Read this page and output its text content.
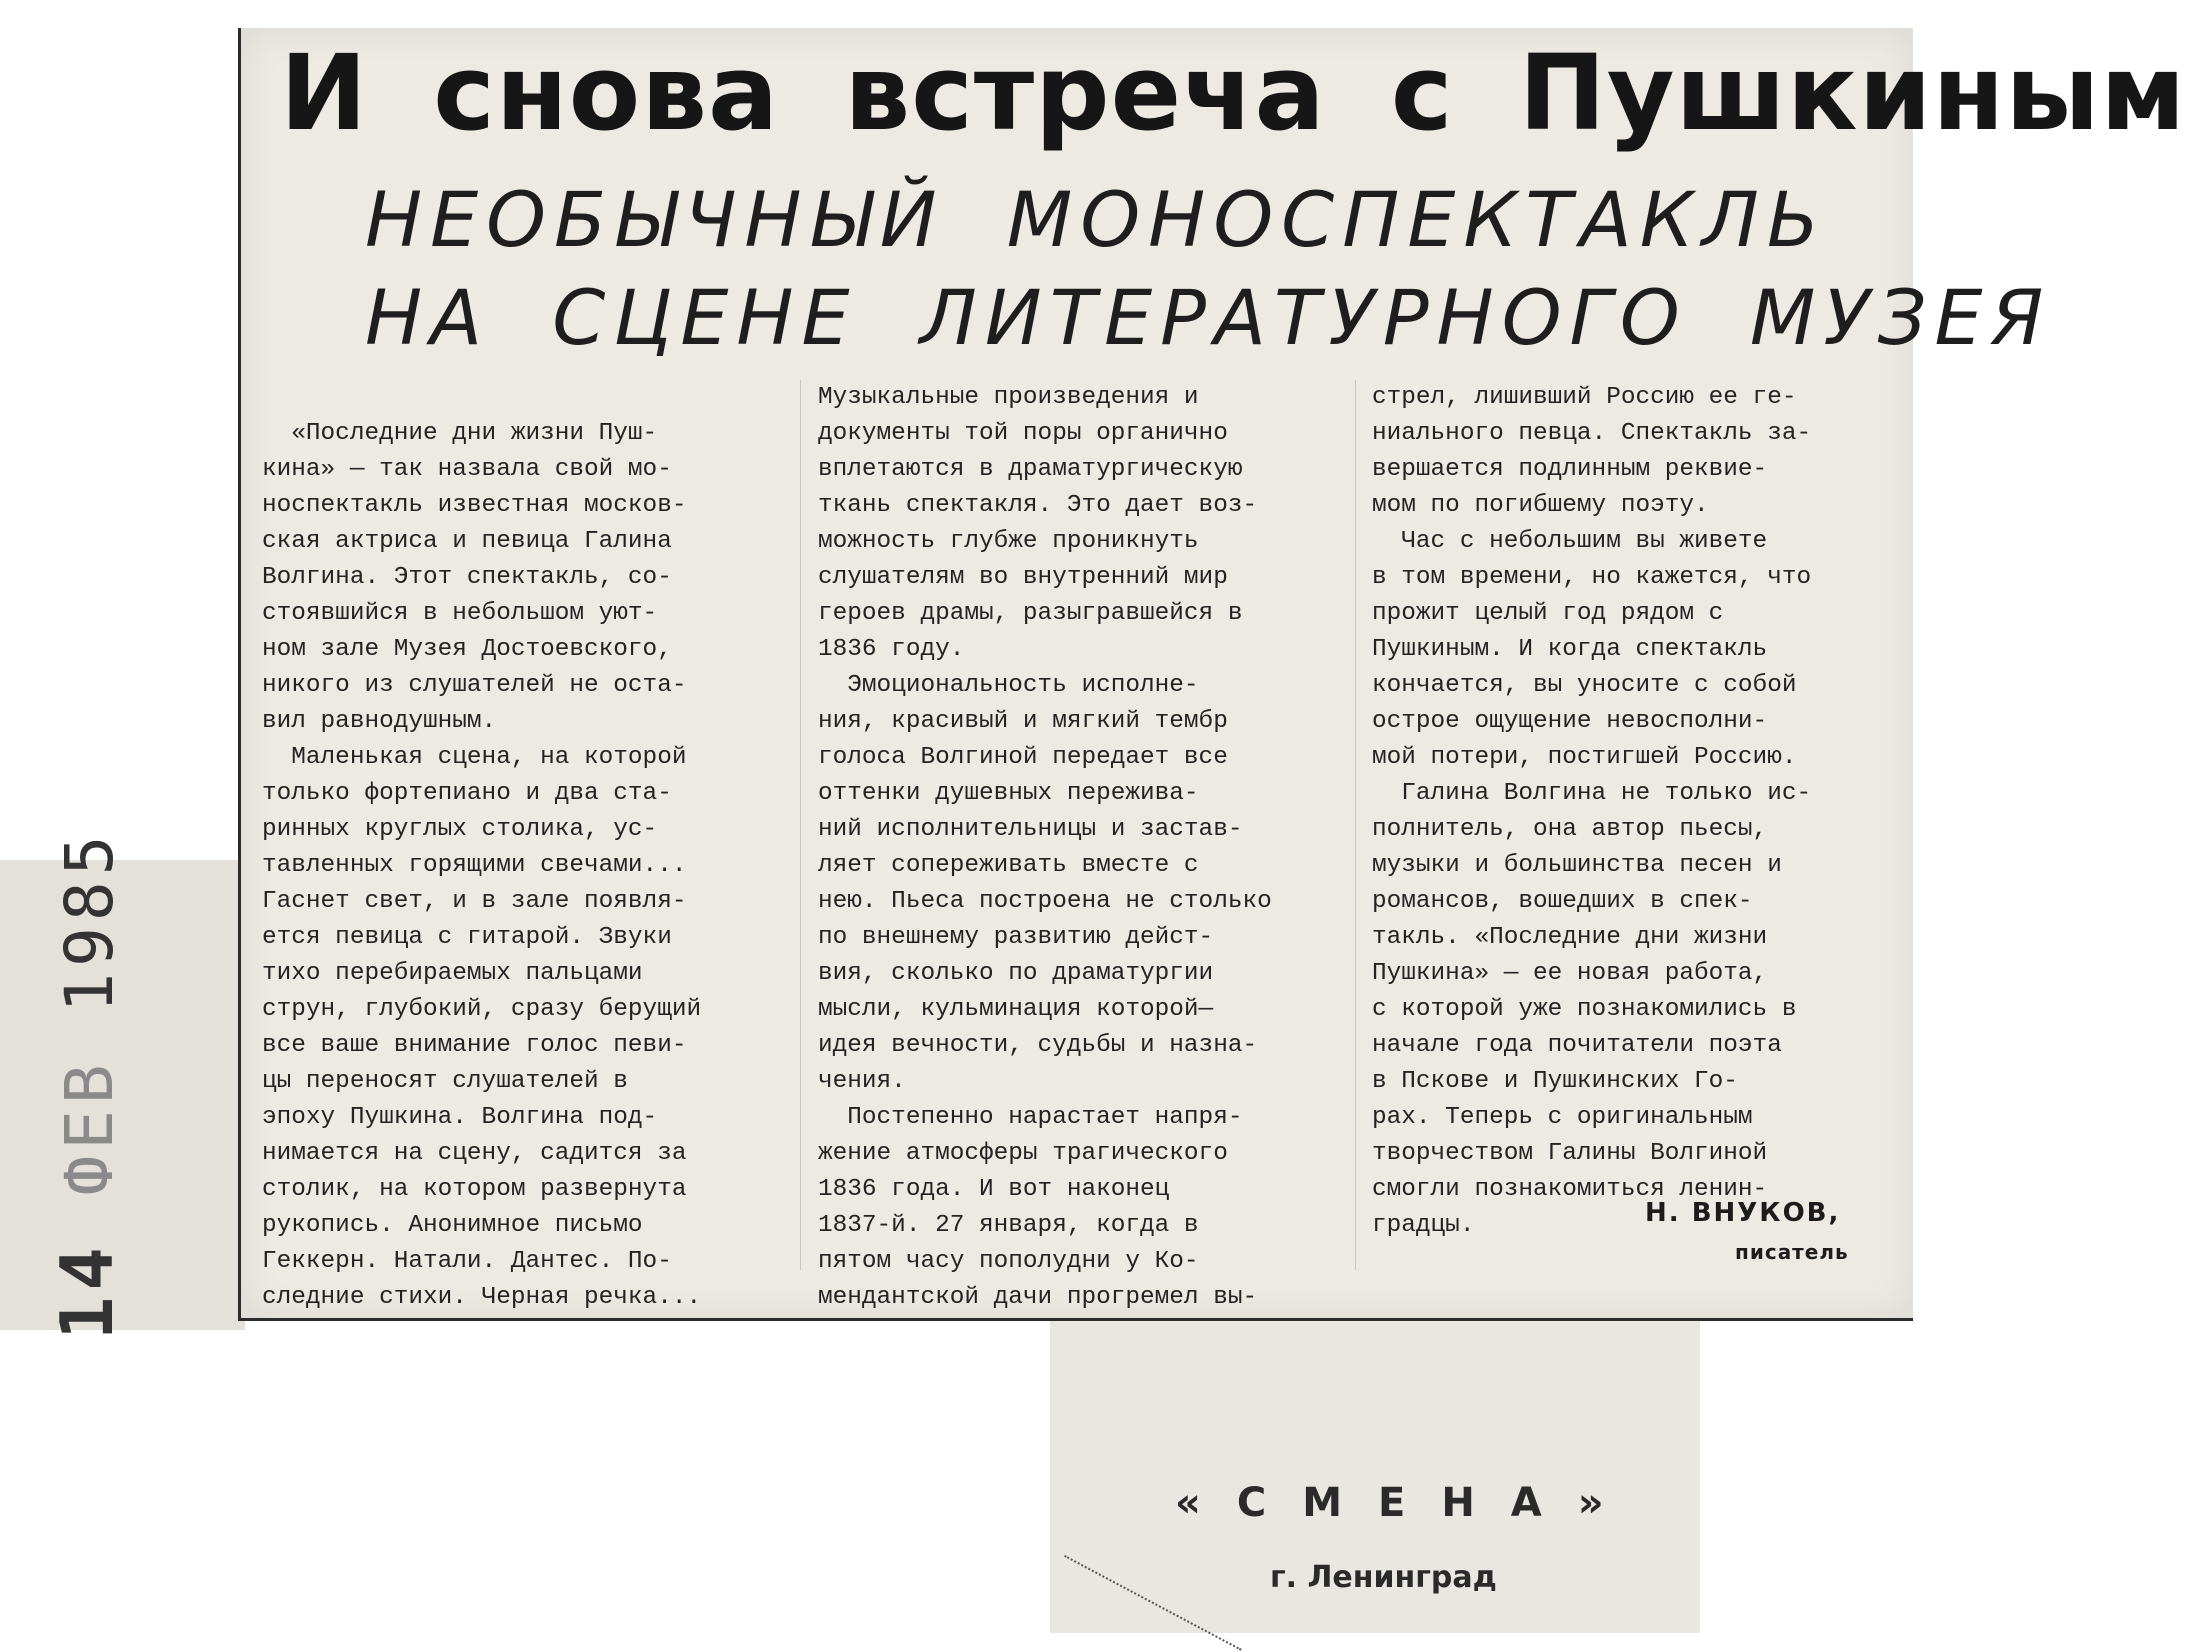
И снова встреча с Пушкиным
НЕОБЫЧНЫЙ МОНОСПЕКТАКЛЬ
НА СЦЕНЕ ЛИТЕРАТУРНОГО МУЗЕЯ
«Последние дни жизни Пуш-
кина» — так назвала свой мо-
носпектакль известная москов-
ская актриса и певица Галина
Волгина. Этот спектакль, со-
стоявшийся в небольшом уют-
ном зале Музея Достоевского,
никого из слушателей не оста-
вил равнодушным.
Маленькая сцена, на которой
только фортепиано и два ста-
ринных круглых столика, ус-
тавленных горящими свечами...
Гаснет свет, и в зале появля-
ется певица с гитарой. Звуки
тихо перебираемых пальцами
струн, глубокий, сразу берущий
все ваше внимание голос певи-
цы переносят слушателей в
эпоху Пушкина. Волгина под-
нимается на сцену, садится за
столик, на котором развернута
рукопись. Анонимное письмо
Геккерн. Натали. Дантес. По-
следние стихи. Черная речка...
Музыкальные произведения и
документы той поры органично
вплетаются в драматургическую
ткань спектакля. Это дает воз-
можность глубже проникнуть
слушателям во внутренний мир
героев драмы, разыгравшейся в
1836 году.
Эмоциональность исполне-
ния, красивый и мягкий тембр
голоса Волгиной передает все
оттенки душевных пережива-
ний исполнительницы и застав-
ляет сопереживать вместе с
нею. Пьеса построена не столько
по внешнему развитию дейст-
вия, сколько по драматургии
мысли, кульминация которой—
идея вечности, судьбы и назна-
чения.
Постепенно нарастает напря-
жение атмосферы трагического
1836 года. И вот наконец
1837-й. 27 января, когда в
пятом часу пополудни у Ко-
мендантской дачи прогремел вы-
стрел, лишивший Россию ее ге-
ниального певца. Спектакль за-
вершается подлинным реквие-
мом по погибшему поэту.
Час с небольшим вы живете
в том времени, но кажется, что
прожит целый год рядом с
Пушкиным. И когда спектакль
кончается, вы уносите с собой
острое ощущение невосполни-
мой потери, постигшей Россию.
Галина Волгина не только ис-
полнитель, она автор пьесы,
музыки и большинства песен и
романсов, вошедших в спек-
такль. «Последние дни жизни
Пушкина» — ее новая работа,
с которой уже познакомились в
начале года почитатели поэта
в Пскове и Пушкинских Го-
рах. Теперь с оригинальным
творчеством Галины Волгиной
смогли познакомиться ленин-
градцы.	Н. ВНУКОВ,
писатель
14 ФЕВ 1985
«СМЕНА»
г. Ленинград
